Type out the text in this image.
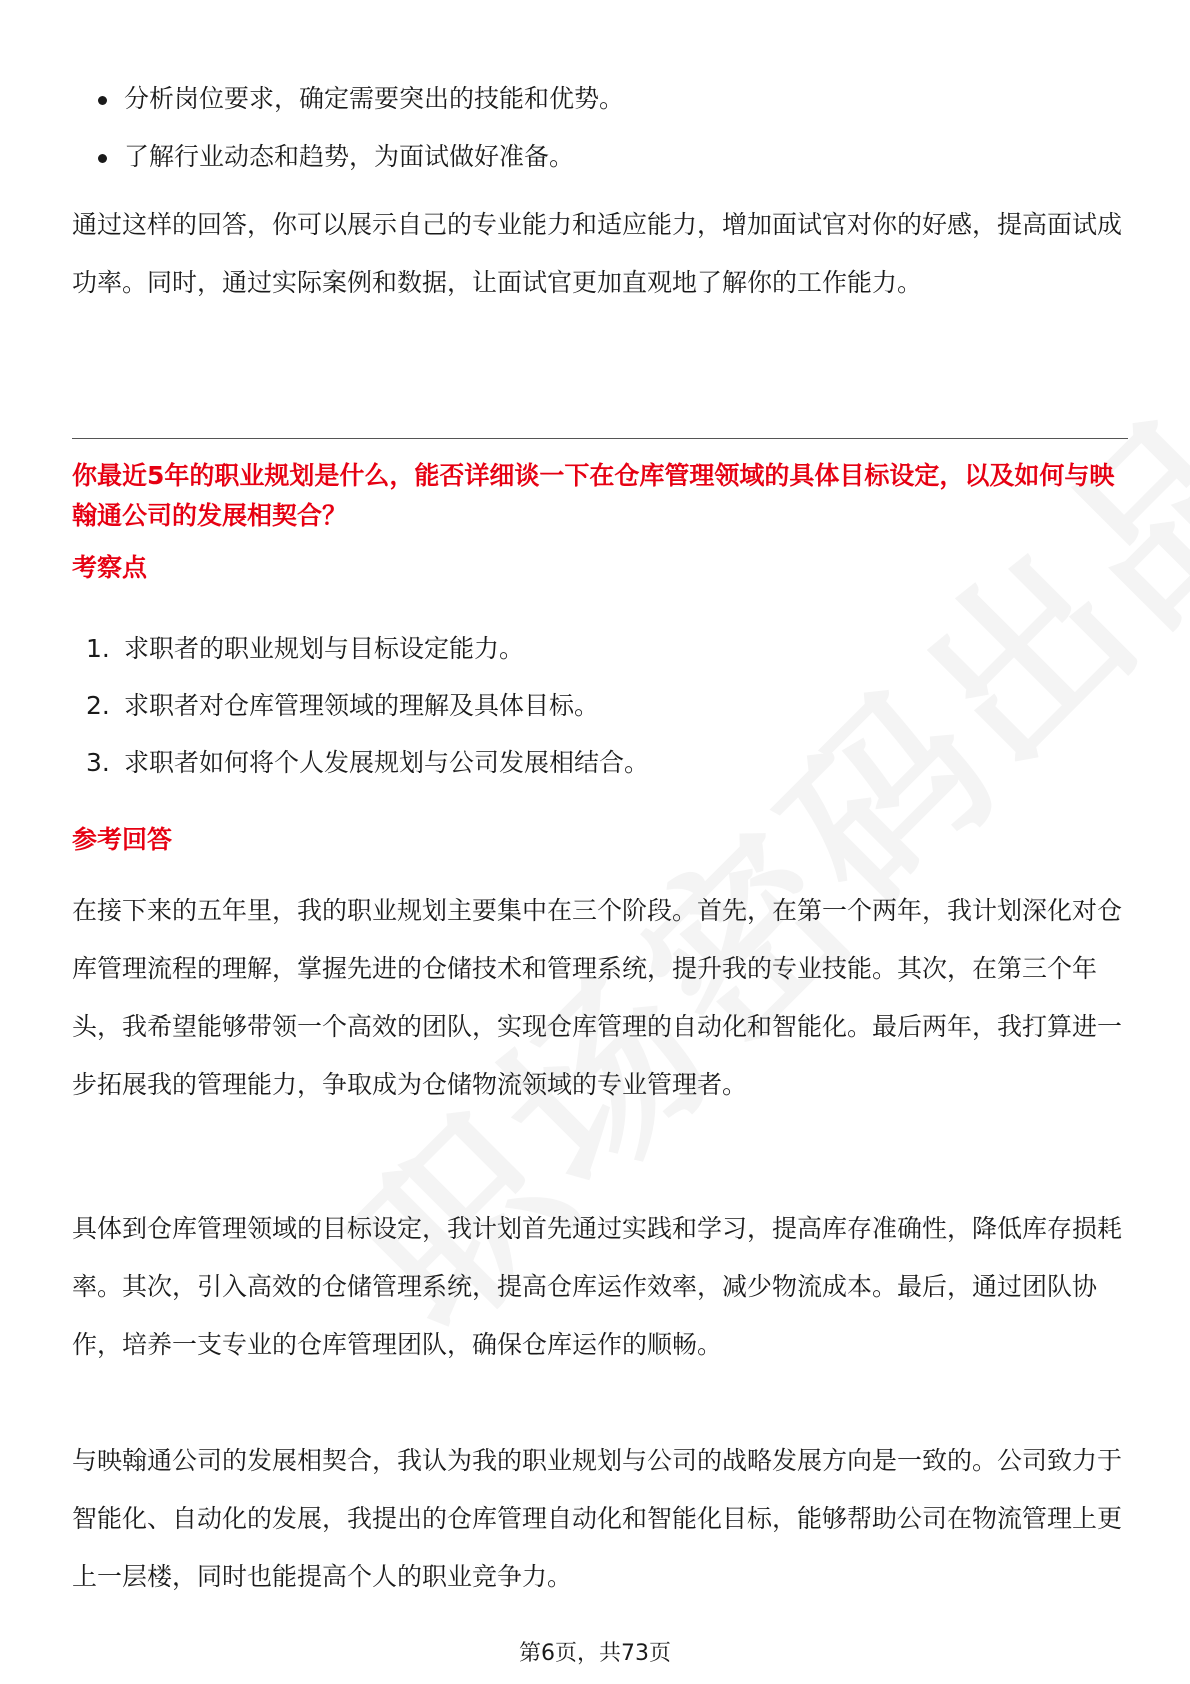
分析岗位要求，确定需要突出的技能和优势。
了解行业动态和趋势，为面试做好准备。

通过这样的回答，你可以展示自己的专业能力和适应能力，增加面试官对你的好感，提高面试成功率。同时，通过实际案例和数据，让面试官更加直观地了解你的工作能力。

你最近5年的职业规划是什么，能否详细谈一下在仓库管理领域的具体目标设定，以及如何与映翰通公司的发展相契合？

考察点

1. 求职者的职业规划与目标设定能力。
2. 求职者对仓库管理领域的理解及具体目标。
3. 求职者如何将个人发展规划与公司发展相结合。

参考回答

在接下来的五年里，我的职业规划主要集中在三个阶段。首先，在第一个两年，我计划深化对仓库管理流程的理解，掌握先进的仓储技术和管理系统，提升我的专业技能。其次，在第三个年头，我希望能够带领一个高效的团队，实现仓库管理的自动化和智能化。最后两年，我打算进一步拓展我的管理能力，争取成为仓储物流领域的专业管理者。

具体到仓库管理领域的目标设定，我计划首先通过实践和学习，提高库存准确性，降低库存损耗率。其次，引入高效的仓储管理系统，提高仓库运作效率，减少物流成本。最后，通过团队协作，培养一支专业的仓库管理团队，确保仓库运作的顺畅。

与映翰通公司的发展相契合，我认为我的职业规划与公司的战略发展方向是一致的。公司致力于智能化、自动化的发展，我提出的仓库管理自动化和智能化目标，能够帮助公司在物流管理上更上一层楼，同时也能提高个人的职业竞争力。

第6页，共73页
